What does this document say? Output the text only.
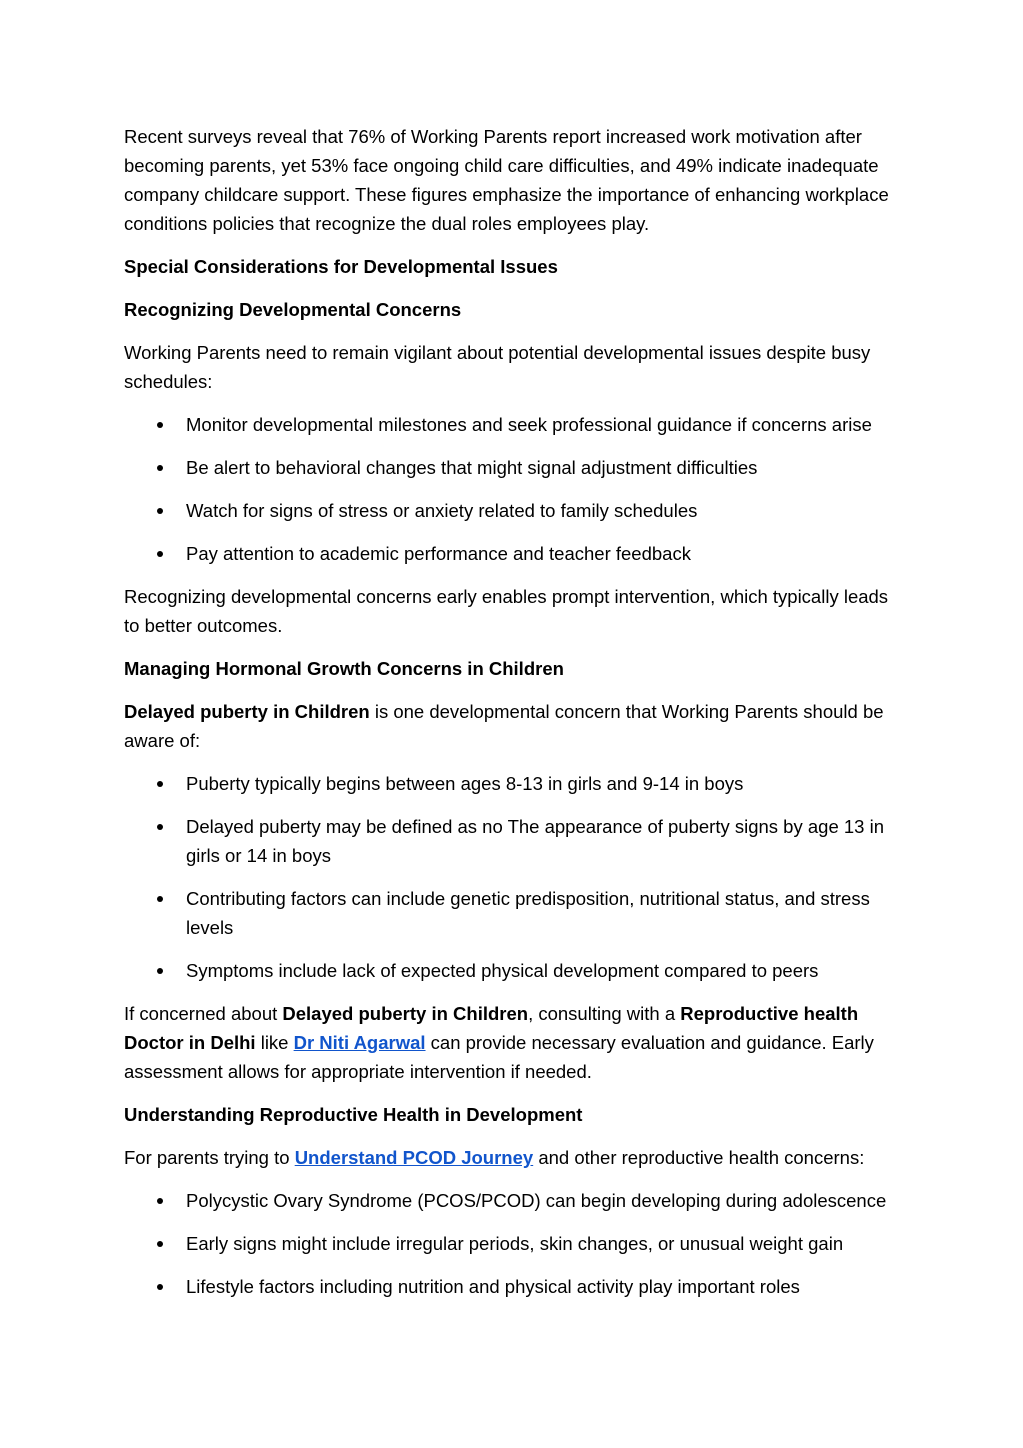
Recent surveys reveal that 76% of Working Parents report increased work motivation after becoming parents, yet 53% face ongoing child care difficulties, and 49% indicate inadequate company childcare support. These figures emphasize the importance of enhancing workplace conditions policies that recognize the dual roles employees play.

Special Considerations for Developmental Issues
Recognizing Developmental Concerns

Working Parents need to remain vigilant about potential developmental issues despite busy schedules:

Monitor developmental milestones and seek professional guidance if concerns arise
Be alert to behavioral changes that might signal adjustment difficulties
Watch for signs of stress or anxiety related to family schedules
Pay attention to academic performance and teacher feedback

Recognizing developmental concerns early enables prompt intervention, which typically leads to better outcomes.

Managing Hormonal Growth Concerns in Children

Delayed puberty in Children is one developmental concern that Working Parents should be aware of:

Puberty typically begins between ages 8-13 in girls and 9-14 in boys
Delayed puberty may be defined as no The appearance of puberty signs by age 13 in girls or 14 in boys
Contributing factors can include genetic predisposition, nutritional status, and stress levels
Symptoms include lack of expected physical development compared to peers

If concerned about Delayed puberty in Children, consulting with a Reproductive health Doctor in Delhi like Dr Niti Agarwal can provide necessary evaluation and guidance. Early assessment allows for appropriate intervention if needed.

Understanding Reproductive Health in Development

For parents trying to Understand PCOD Journey and other reproductive health concerns:

Polycystic Ovary Syndrome (PCOS/PCOD) can begin developing during adolescence
Early signs might include irregular periods, skin changes, or unusual weight gain
Lifestyle factors including nutrition and physical activity play important roles
